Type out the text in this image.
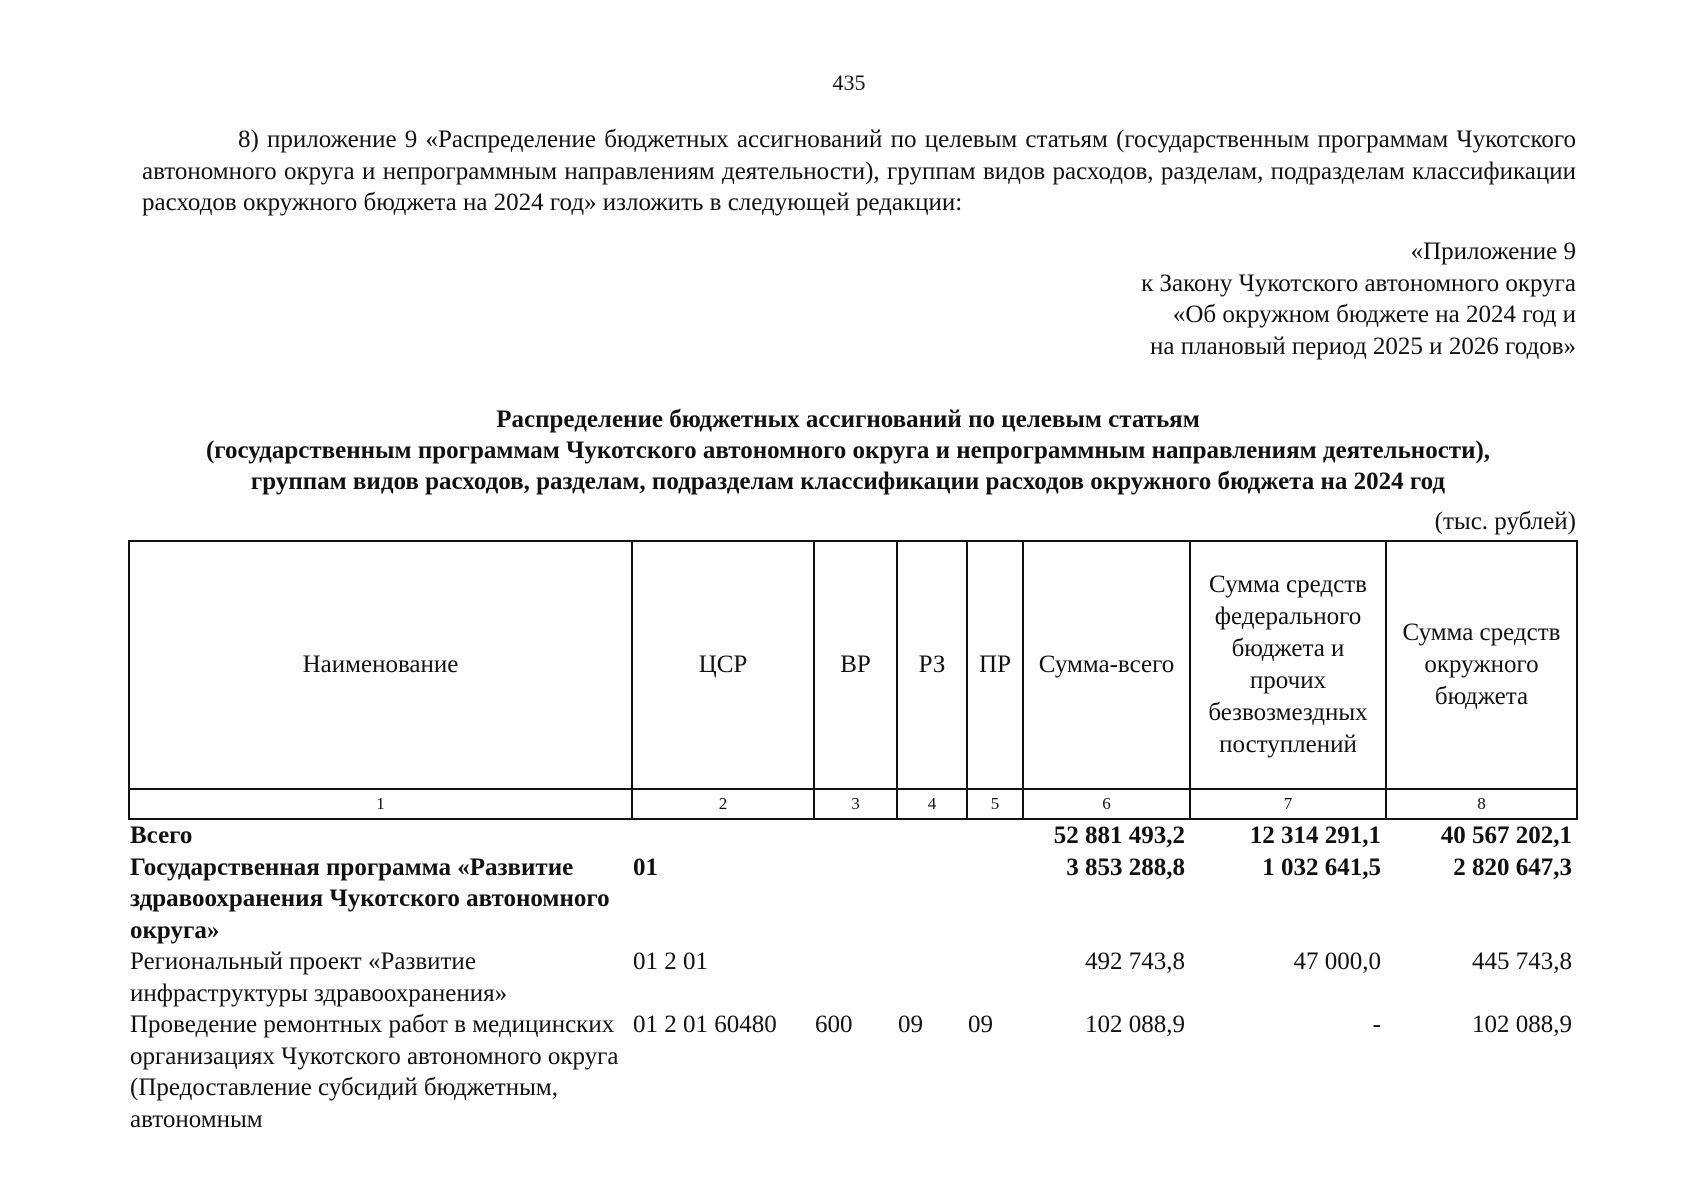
435

8) приложение 9 «Распределение бюджетных ассигнований по целевым статьям (государственным программам Чукотского автономного округа и непрограммным направлениям деятельности), группам видов расходов, разделам, подразделам классификации расходов окружного бюджета на 2024 год» изложить в следующей редакции:

«Приложение 9
к Закону Чукотского автономного округа
«Об окружном бюджете на 2024 год и
на плановый период 2025 и 2026 годов»
Распределение бюджетных ассигнований по целевым статьям
(государственным программам Чукотского автономного округа и непрограммным направлениям деятельности),
группам видов расходов, разделам, подразделам классификации расходов окружного бюджета на 2024 год
(тыс. рублей)
Наименование	ЦСР	ВР	РЗ	ПР	Сумма-всего	Сумма средств федерального бюджета и прочих безвозмездных поступлений	Сумма средств окружного бюджета
1	2	3	4	5	6	7	8
Всего					52 881 493,2	12 314 291,1	40 567 202,1
Государственная программа «Развитие здравоохранения Чукотского автономного округа»	01				3 853 288,8	1 032 641,5	2 820 647,3
Региональный проект «Развитие инфраструктуры здравоохранения»	01 2 01				492 743,8	47 000,0	445 743,8
Проведение ремонтных работ в медицинских организациях Чукотского автономного округа (Предоставление субсидий бюджетным, автономным	01 2 01 60480	600	09	09	102 088,9	-	102 088,9
